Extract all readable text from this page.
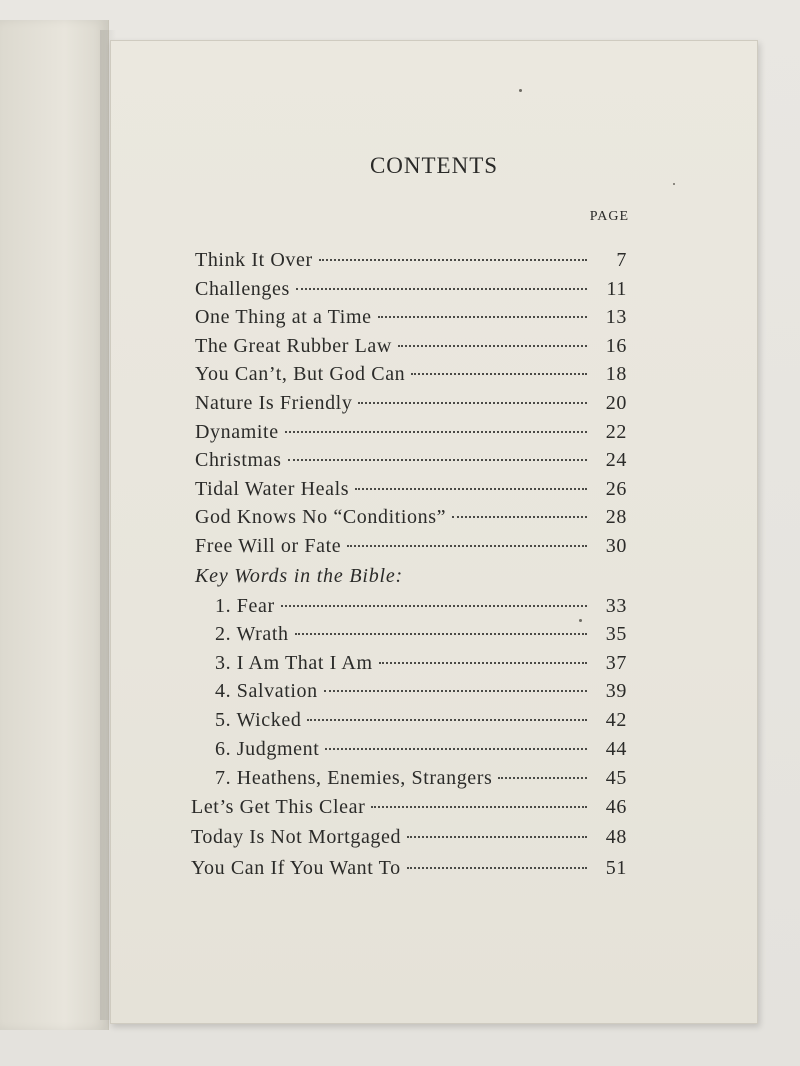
CONTENTS
PAGE
Think It Over	7
Challenges	11
One Thing at a Time	13
The Great Rubber Law	16
You Can’t, But God Can	18
Nature Is Friendly	20
Dynamite	22
Christmas	24
Tidal Water Heals	26
God Knows No “Conditions”	28
Free Will or Fate	30
Key Words in the Bible:
1. Fear	33
2. Wrath	35
3. I Am That I Am	37
4. Salvation	39
5. Wicked	42
6. Judgment	44
7. Heathens, Enemies, Strangers	45
Let’s Get This Clear	46
Today Is Not Mortgaged	48
You Can If You Want To	51
